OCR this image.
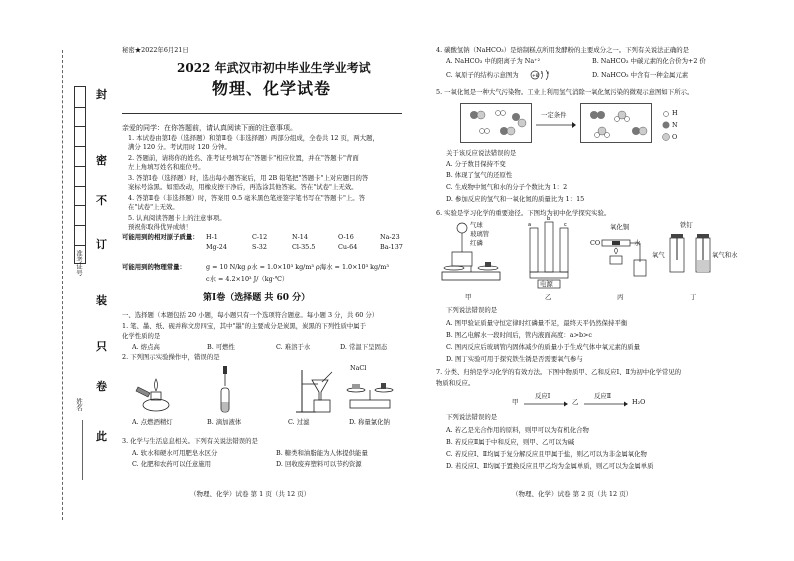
封
密
不
订
装
只
卷
此
准考证号
姓名
秘密★2022年6月21日
2022 年武汉市初中毕业生学业考试
物理、化学试卷
亲爱的同学：在你答题前，请认真阅读下面的注意事项。
1. 本试卷由第Ⅰ卷（选择题）和第Ⅱ卷（非选择题）两部分组成，全卷共 12 页，两大题，
满分 120 分。考试用时 120 分钟。
2. 答题前，请将你的姓名、准考证号填写在"答题卡"相应位置，并在"答题卡"背面
左上角填写姓名和座位号。
3. 答第Ⅰ卷（选择题）时，选出每小题答案后，用 2B 铅笔把"答题卡"上对应题目的答
案标号涂黑。如需改动，用橡皮擦干净后，再选涂其他答案。答在"试卷"上无效。
4. 答第Ⅱ卷（非选择题）时，答案用 0.5 毫米黑色笔迹签字笔书写在"答题卡"上。答
在"试卷"上无效。
5. 认真阅读答题卡上的注意事项。
预祝你取得优异成绩！
可能用到的相对原子质量： H-1	C-12	N-14	O-16	Na-23
Mg-24	S-32	Cl-35.5	Cu-64	Ba-137
可能用到的物理常量：	g = 10 N/kg ρ水 = 1.0×10³ kg/m³ ρ海水 = 1.0×10³ kg/m³
c水 = 4.2×10³ J/（kg·℃）
第Ⅰ卷（选择题 共 60 分）
一、选择题（本题包括 20 小题，每小题只有一个选项符合题意。每小题 3 分，共 60 分）
1. 笔、墨、纸、砚并称文房四宝，其中"墨"的主要成分是炭黑，炭黑的下列性质中属于
化学性质的是
A. 熔点高	B. 可燃性	C. 难溶于水	D. 常温下呈固态
2. 下列图示实验操作中，错误的是
NaCl
A. 点燃酒精灯	B. 滴加液体	C. 过滤	D. 称量氯化钠
3. 化学与生活息息相关。下列有关说法错误的是
A. 软水和硬水可用肥皂水区分	B. 糖类和油脂能为人体提供能量
C. 化肥和农药可以任意施用	D. 回收废弃塑料可以节约资源
（物理、化学）试卷 第 1 页（共 12 页）
4. 碳酸氢钠（NaHCO₃）是焙制糕点所用发酵粉的主要成分之一。下列有关说法正确的是
A. NaHCO₃ 中的阳离子为 Na⁺²	B. NaHCO₃ 中碳元素的化合价为+2 价
C. 氧原子的结构示意图为	+8
2 6	D. NaHCO₃ 中含有一种金属元素
5. 一氧化氮是一种大气污染物。工业上利用氢气消除一氧化氮污染的微观示意图如下所示。
一定条件	H
N
O
关于该反应说法错误的是
A. 分子数目保持不变
B. 体现了氢气的还原性
C. 生成物中氮气和水的分子个数比为 1：2
D. 参加反应的氢气和一氧化氮的质量比为 1：15
6. 实验是学习化学的重要途径。下图均为初中化学探究实验。
气球
玻璃管
红磷
甲
a
b
c
电源
乙
氧化铜
CO	水
丙
铁钉
氧气	氧气和水
丁
下列说法错误的是
A. 图甲验证质量守恒定律时红磷量不足，最终天平仍然保持平衡
B. 图乙电解水一段时间后，管内液面高度：a>b>c
C. 图丙反应后玻璃管内固体减少的质量小于生成气体中氧元素的质量
D. 图丁实验可用于探究铁生锈是否需要氧气参与
7. 分类、归纳是学习化学的有效方法。下图中物质甲、乙和反应Ⅰ、Ⅱ为初中化学常见的
物质和反应。
甲
反应Ⅰ
乙
反应Ⅱ
H₂O
下列说法错误的是
A. 若乙是光合作用的原料，则甲可以为有机化合物
B. 若反应Ⅱ属于中和反应，则甲、乙可以为碱
C. 若反应Ⅰ、Ⅱ均属于复分解反应且甲属于盐，则乙可以为非金属氧化物
D. 若反应Ⅰ、Ⅱ均属于置换反应且甲乙均为金属单质，则乙可以为金属单质
（物理、化学）试卷 第 2 页（共 12 页）
